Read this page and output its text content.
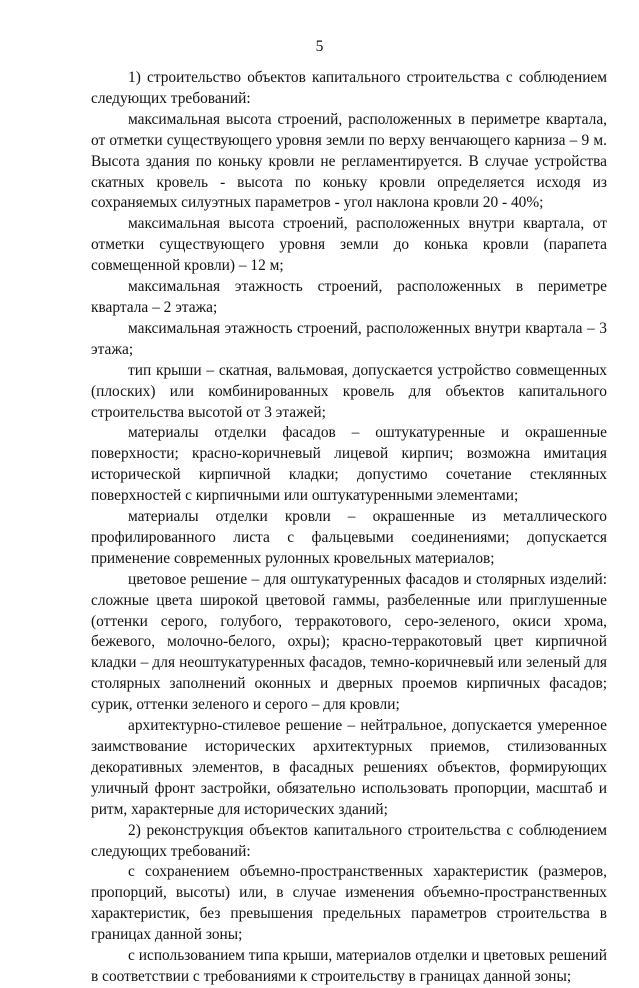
5

1) строительство объектов капитального строительства с соблюдением следующих требований:

максимальная высота строений, расположенных в периметре квартала, от отметки существующего уровня земли по верху венчающего карниза – 9 м. Высота здания по коньку кровли не регламентируется. В случае устройства скатных кровель - высота по коньку кровли определяется исходя из сохраняемых силуэтных параметров - угол наклона кровли 20 - 40%;

максимальная высота строений, расположенных внутри квартала, от отметки существующего уровня земли до конька кровли (парапета совмещенной кровли) – 12 м;

максимальная этажность строений, расположенных в периметре квартала – 2 этажа;

максимальная этажность строений, расположенных внутри квартала – 3 этажа;

тип крыши – скатная, вальмовая, допускается устройство совмещенных (плоских) или комбинированных кровель для объектов капитального строительства высотой от 3 этажей;

материалы отделки фасадов – оштукатуренные и окрашенные поверхности; красно-коричневый лицевой кирпич; возможна имитация исторической кирпичной кладки; допустимо сочетание стеклянных поверхностей с кирпичными или оштукатуренными элементами;

материалы отделки кровли – окрашенные из металлического профилированного листа с фальцевыми соединениями; допускается применение современных рулонных кровельных материалов;

цветовое решение – для оштукатуренных фасадов и столярных изделий: сложные цвета широкой цветовой гаммы, разбеленные или приглушенные (оттенки серого, голубого, терракотового, серо-зеленого, окиси хрома, бежевого, молочно-белого, охры); красно-терракотовый цвет кирпичной кладки – для неоштукатуренных фасадов, темно-коричневый или зеленый для столярных заполнений оконных и дверных проемов кирпичных фасадов; сурик, оттенки зеленого и серого – для кровли;

архитектурно-стилевое решение – нейтральное, допускается умеренное заимствование исторических архитектурных приемов, стилизованных декоративных элементов, в фасадных решениях объектов, формирующих уличный фронт застройки, обязательно использовать пропорции, масштаб и ритм, характерные для исторических зданий;

2) реконструкция объектов капитального строительства с соблюдением следующих требований:

с сохранением объемно-пространственных характеристик (размеров, пропорций, высоты) или, в случае изменения объемно-пространственных характеристик, без превышения предельных параметров строительства в границах данной зоны;

с использованием типа крыши, материалов отделки и цветовых решений в соответствии с требованиями к строительству в границах данной зоны;
